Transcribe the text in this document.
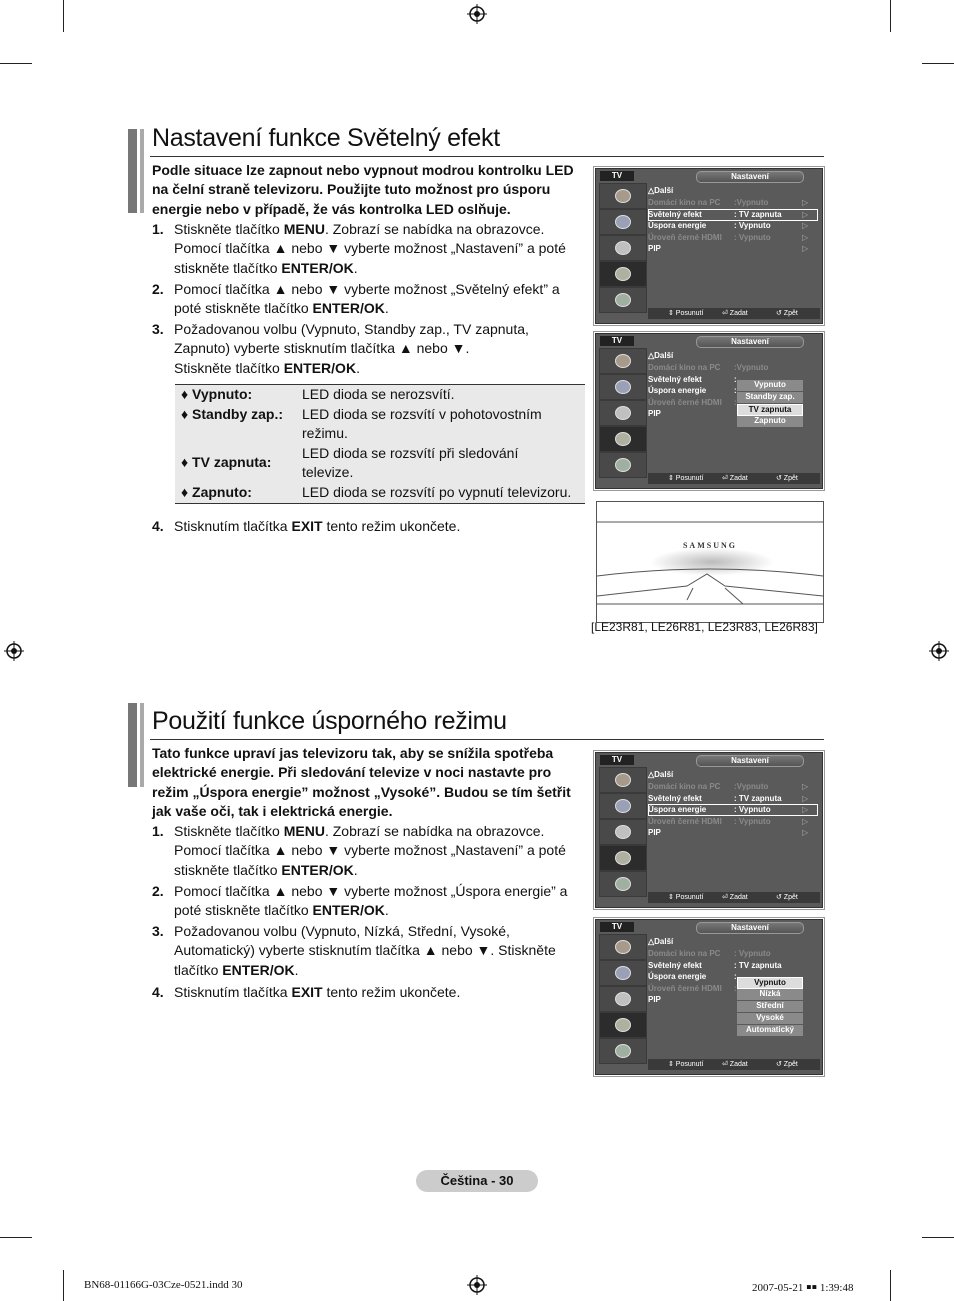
Nastavení funkce Světelný efekt
Podle situace lze zapnout nebo vypnout modrou kontrolku LED
na čelní straně televizoru. Použijte tuto možnost pro úsporu
energie nebo v případě, že vás kontrolka LED oslňuje.
1. Stiskněte tlačítko MENU. Zobrazí se nabídka na obrazovce.
Pomocí tlačítka ▲ nebo ▼ vyberte možnost „Nastavení” a poté
stiskněte tlačítko ENTER/OK.
2. Pomocí tlačítka ▲ nebo ▼ vyberte možnost „Světelný efekt” a
poté stiskněte tlačítko ENTER/OK.
3. Požadovanou volbu (Vypnuto, Standby zap., TV zapnuta,
Zapnuto) vyberte stisknutím tlačítka ▲ nebo ▼.
Stiskněte tlačítko ENTER/OK.
♦ Vypnuto:	LED dioda se nerozsvítí.
♦ Standby zap.: LED dioda se rozsvítí v pohotovostním
režimu.
♦ TV zapnuta:
LED dioda se rozsvítí při sledování
televize.
♦ Zapnuto:	LED dioda se rozsvítí po vypnutí televizoru.
4. Stisknutím tlačítka EXIT tento režim ukončete.
TV	Nastavení
△Další
Domácí kino na PC :Vypnuto	▷
Světelný efekt	: TV zapnuta	▷
Úspora energie	: Vypnuto	▷
Úroveň černé HDMI : Vypnuto	▷
PIP	▷
⇕ Posunutí	⏎ Zadat	↺ Zpět
TV	Nastavení
△Další
Domácí kino na PC :Vypnuto
Světelný efekt	:
Úspora energie	:
Úroveň černé HDMI :
PIP
Vypnuto
Standby zap.
TV zapnuta
Zapnuto
⇕ Posunutí	⏎ Zadat	↺ Zpět
SAMSUNG
[LE23R81, LE26R81, LE23R83, LE26R83]
Použití funkce úsporného režimu
Tato funkce upraví jas televizoru tak, aby se snížila spotřeba
elektrické energie. Při sledování televize v noci nastavte pro
režim „Úspora energie” možnost „Vysoké”. Budou se tím šetřit
jak vaše oči, tak i elektrická energie.
1. Stiskněte tlačítko MENU. Zobrazí se nabídka na obrazovce.
Pomocí tlačítka ▲ nebo ▼ vyberte možnost „Nastavení” a poté
stiskněte tlačítko ENTER/OK.
2. Pomocí tlačítka ▲ nebo ▼ vyberte možnost „Úspora energie” a
poté stiskněte tlačítko ENTER/OK.
3. Požadovanou volbu (Vypnuto, Nízká, Střední, Vysoké,
Automatický) vyberte stisknutím tlačítka ▲ nebo ▼. Stiskněte
tlačítko ENTER/OK.
4. Stisknutím tlačítka EXIT tento režim ukončete.
TV	Nastavení
△Další
Domácí kino na PC :Vypnuto	▷
Světelný efekt	: TV zapnuta	▷
Úspora energie	: Vypnuto	▷
Úroveň černé HDMI : Vypnuto	▷
PIP	▷
⇕ Posunutí	⏎ Zadat	↺ Zpět
TV	Nastavení
△Další
Domácí kino na PC : Vypnuto
Světelný efekt	: TV zapnuta
Úspora energie	:
Úroveň černé HDMI :
PIP
Vypnuto
Nízká
Střední
Vysoké
Automatický
⇕ Posunutí	⏎ Zadat	↺ Zpět
Čeština - 30
BN68-01166G-03Cze-0521.indd 30	2007-05-21 ￭￭ 1:39:48
